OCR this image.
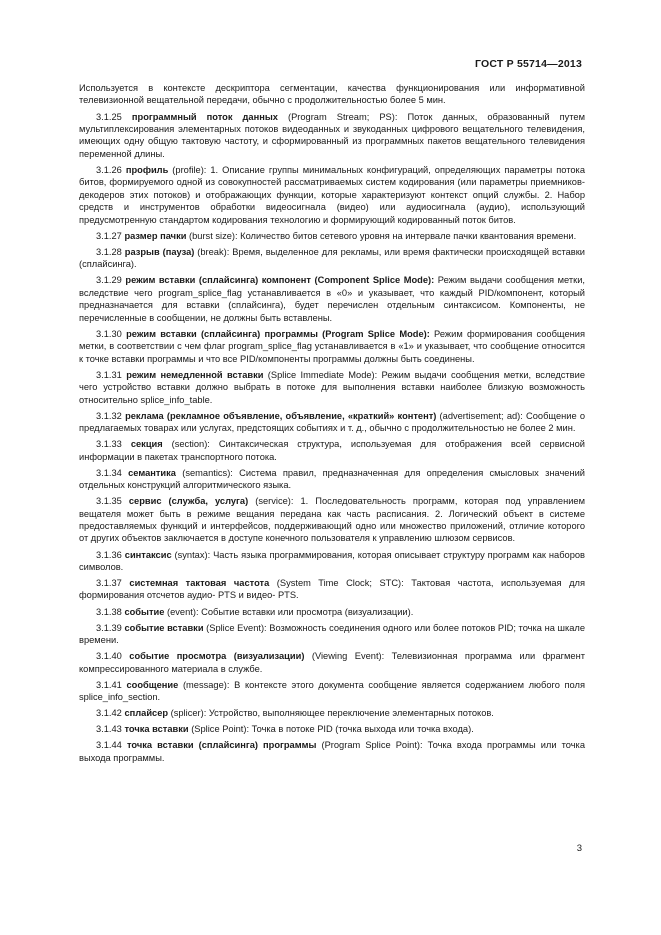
ГОСТ Р 55714—2013

Используется в контексте дескриптора сегментации, качества функционирования или информативной телевизионной вещательной передачи, обычно с продолжительностью более 5 мин.

3.1.25 программный поток данных (Program Stream; PS): Поток данных, образованный путем мультиплексирования элементарных потоков видеоданных и звукоданных цифрового вещательного телевидения, имеющих одну общую тактовую частоту, и сформированный из программных пакетов вещательного телевидения переменной длины.

3.1.26 профиль (profile): 1. Описание группы минимальных конфигураций, определяющих параметры потока битов, формируемого одной из совокупностей рассматриваемых систем кодирования (или параметры приемников-декодеров этих потоков) и отображающих функции, которые характеризуют контекст опций службы. 2. Набор средств и инструментов обработки видеосигнала (видео) или аудиосигнала (аудио), использующий предусмотренную стандартом кодирования технологию и формирующий кодированный поток битов.

3.1.27 размер пачки (burst size): Количество битов сетевого уровня на интервале пачки квантования времени.

3.1.28 разрыв (пауза) (break): Время, выделенное для рекламы, или время фактически происходящей вставки (сплайсинга).

3.1.29 режим вставки (сплайсинга) компонент (Component Splice Mode): Режим выдачи сообщения метки, вследствие чего program_splice_flag устанавливается в «0» и указывает, что каждый PID/компонент, который предназначается для вставки (сплайсинга), будет перечислен отдельным синтаксисом. Компоненты, не перечисленные в сообщении, не должны быть вставлены.

3.1.30 режим вставки (сплайсинга) программы (Program Splice Mode): Режим формирования сообщения метки, в соответствии с чем флаг program_splice_flag устанавливается в «1» и указывает, что сообщение относится к точке вставки программы и что все PID/компоненты программы должны быть соединены.

3.1.31 режим немедленной вставки (Splice Immediate Mode): Режим выдачи сообщения метки, вследствие чего устройство вставки должно выбрать в потоке для выполнения вставки наиболее близкую возможность относительно splice_info_table.

3.1.32 реклама (рекламное объявление, объявление, «краткий» контент) (advertisement; ad): Сообщение о предлагаемых товарах или услугах, предстоящих событиях и т. д., обычно с продолжительностью не более 2 мин.

3.1.33 секция (section): Синтаксическая структура, используемая для отображения всей сервисной информации в пакетах транспортного потока.

3.1.34 семантика (semantics): Система правил, предназначенная для определения смысловых значений отдельных конструкций алгоритмического языка.

3.1.35 сервис (служба, услуга) (service): 1. Последовательность программ, которая под управлением вещателя может быть в режиме вещания передана как часть расписания. 2. Логический объект в системе предоставляемых функций и интерфейсов, поддерживающий одно или множество приложений, отличие которого от других объектов заключается в доступе конечного пользователя к управлению шлюзом сервисов.

3.1.36 синтаксис (syntax): Часть языка программирования, которая описывает структуру программ как наборов символов.

3.1.37 системная тактовая частота (System Time Clock; STC): Тактовая частота, используемая для формирования отсчетов аудио- PTS и видео- PTS.

3.1.38 событие (event): Событие вставки или просмотра (визуализации).

3.1.39 событие вставки (Splice Event): Возможность соединения одного или более потоков PID; точка на шкале времени.

3.1.40 событие просмотра (визуализации) (Viewing Event): Телевизионная программа или фрагмент компрессированного материала в службе.

3.1.41 сообщение (message): В контексте этого документа сообщение является содержанием любого поля splice_info_section.

3.1.42 сплайсер (splicer): Устройство, выполняющее переключение элементарных потоков.

3.1.43 точка вставки (Splice Point): Точка в потоке PID (точка выхода или точка входа).

3.1.44 точка вставки (сплайсинга) программы (Program Splice Point): Точка входа программы или точка выхода программы.

3
